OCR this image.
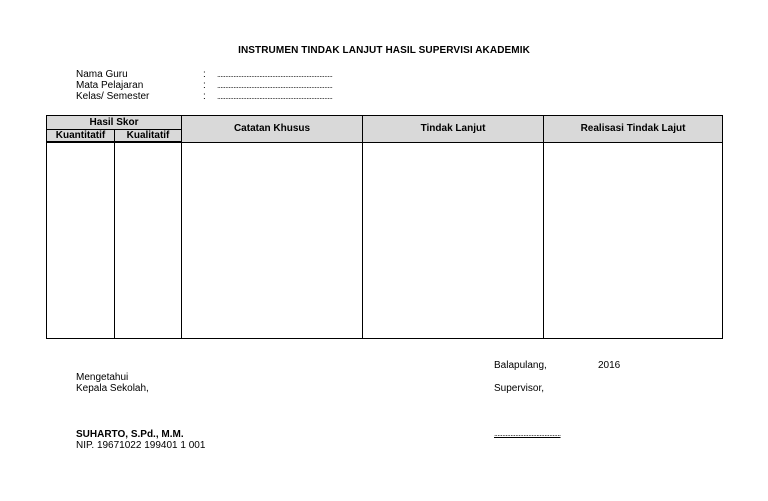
INSTRUMEN TINDAK LANJUT HASIL SUPERVISI AKADEMIK
Nama Guru	: .......................................................................
Mata Pelajaran	: .......................................................................
Kelas/ Semester	: .......................................................................
Hasil Skor		Catatan Khusus	Tindak Lanjut	Realisasi Tindak Lajut
Kuantitatif	Kualitatif			

Balapulang,	2016
Mengetahui
Kepala Sekolah,	Supervisor,
SUHARTO, S.Pd., M.M.
NIP. 19671022 199401 1 001
.........................................
